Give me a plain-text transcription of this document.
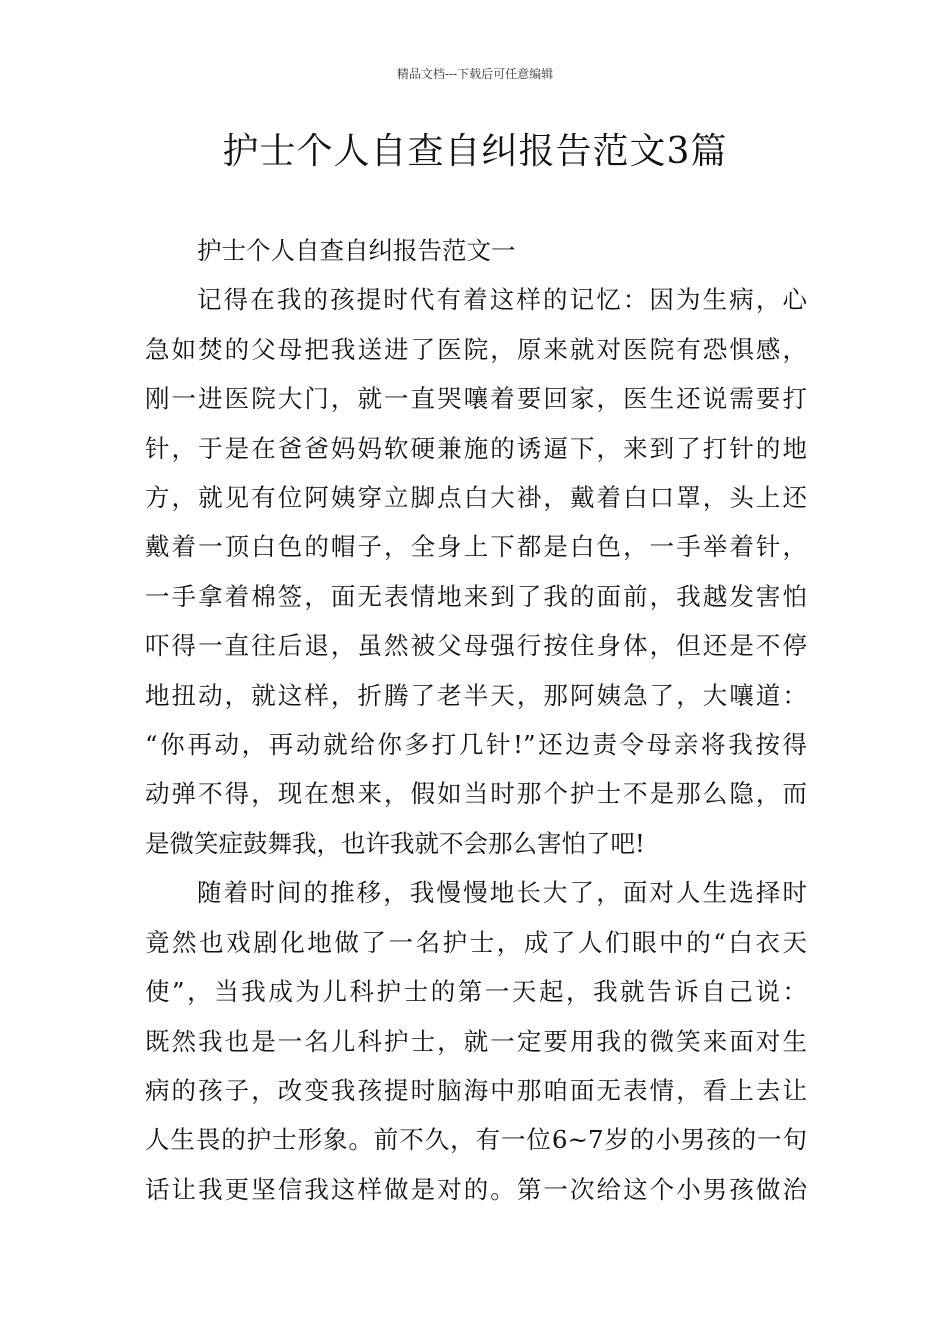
精品文档---下载后可任意编辑
护士个人自查自纠报告范文3篇
护士个人自查自纠报告范文一
记得在我的孩提时代有着这样的记忆：因为生病，心
急如焚的父母把我送进了医院，原来就对医院有恐惧感，
刚一进医院大门，就一直哭嚷着要回家，医生还说需要打
针，于是在爸爸妈妈软硬兼施的诱逼下，来到了打针的地
方，就见有位阿姨穿立脚点白大褂，戴着白口罩，头上还
戴着一顶白色的帽子，全身上下都是白色，一手举着针，
一手拿着棉签，面无表情地来到了我的面前，我越发害怕
吓得一直往后退，虽然被父母强行按住身体，但还是不停
地扭动，就这样，折腾了老半天，那阿姨急了，大嚷道：
“你再动，再动就给你多打几针!”还边责令母亲将我按得
动弹不得，现在想来，假如当时那个护士不是那么隐，而
是微笑症鼓舞我，也许我就不会那么害怕了吧!
随着时间的推移，我慢慢地长大了，面对人生选择时
竟然也戏剧化地做了一名护士，成了人们眼中的“白衣天
使”，当我成为儿科护士的第一天起，我就告诉自己说：
既然我也是一名儿科护士，就一定要用我的微笑来面对生
病的孩子，改变我孩提时脑海中那咱面无表情，看上去让
人生畏的护士形象。前不久，有一位6~7岁的小男孩的一句
话让我更坚信我这样做是对的。第一次给这个小男孩做治
